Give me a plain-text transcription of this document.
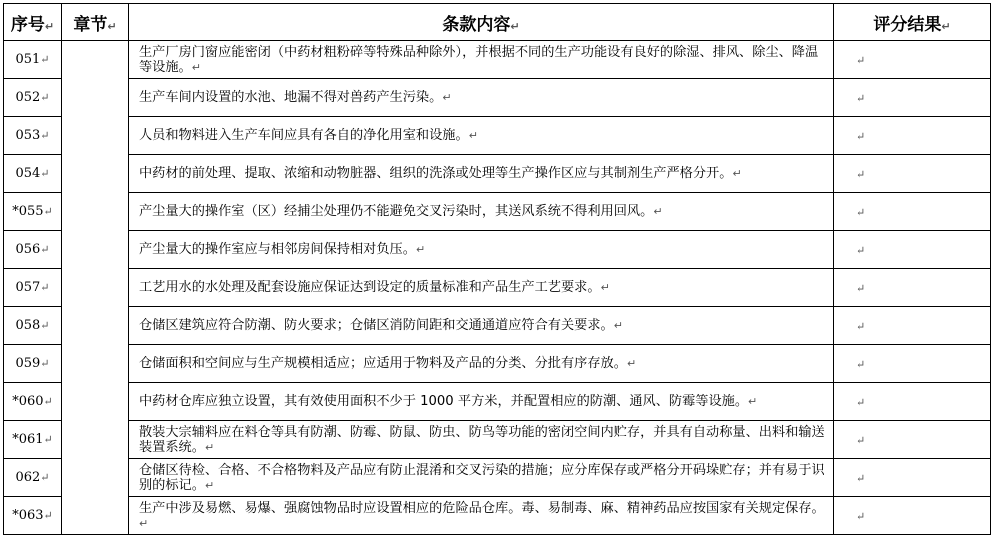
序号↵	章节↵	条款内容↵	评分结果↵
051↵		生产厂房门窗应能密闭（中药材粗粉碎等特殊品种除外），并根据不同的生产功能设有良好的除湿、排风、除尘、降温等设施。↵	↵
052↵		生产车间内设置的水池、地漏不得对兽药产生污染。↵	↵
053↵		人员和物料进入生产车间应具有各自的净化用室和设施。↵	↵
054↵		中药材的前处理、提取、浓缩和动物脏器、组织的洗涤或处理等生产操作区应与其制剂生产严格分开。↵	↵
*055↵		产尘量大的操作室（区）经捕尘处理仍不能避免交叉污染时，其送风系统不得利用回风。↵	↵
056↵		产尘量大的操作室应与相邻房间保持相对负压。↵	↵
057↵		工艺用水的水处理及配套设施应保证达到设定的质量标准和产品生产工艺要求。↵	↵
058↵		仓储区建筑应符合防潮、防火要求；仓储区消防间距和交通通道应符合有关要求。↵	↵
059↵		仓储面积和空间应与生产规模相适应；应适用于物料及产品的分类、分批有序存放。↵	↵
*060↵		中药材仓库应独立设置，其有效使用面积不少于 1000 平方米，并配置相应的防潮、通风、防霉等设施。↵	↵
*061↵		散装大宗辅料应在料仓等具有防潮、防霉、防鼠、防虫、防鸟等功能的密闭空间内贮存，并具有自动称量、出料和输送装置系统。↵	↵
062↵		仓储区待检、合格、不合格物料及产品应有防止混淆和交叉污染的措施；应分库保存或严格分开码垛贮存；并有易于识别的标记。↵	↵
*063↵		生产中涉及易燃、易爆、强腐蚀物品时应设置相应的危险品仓库。毒、易制毒、麻、精神药品应按国家有关规定保存。↵	↵
